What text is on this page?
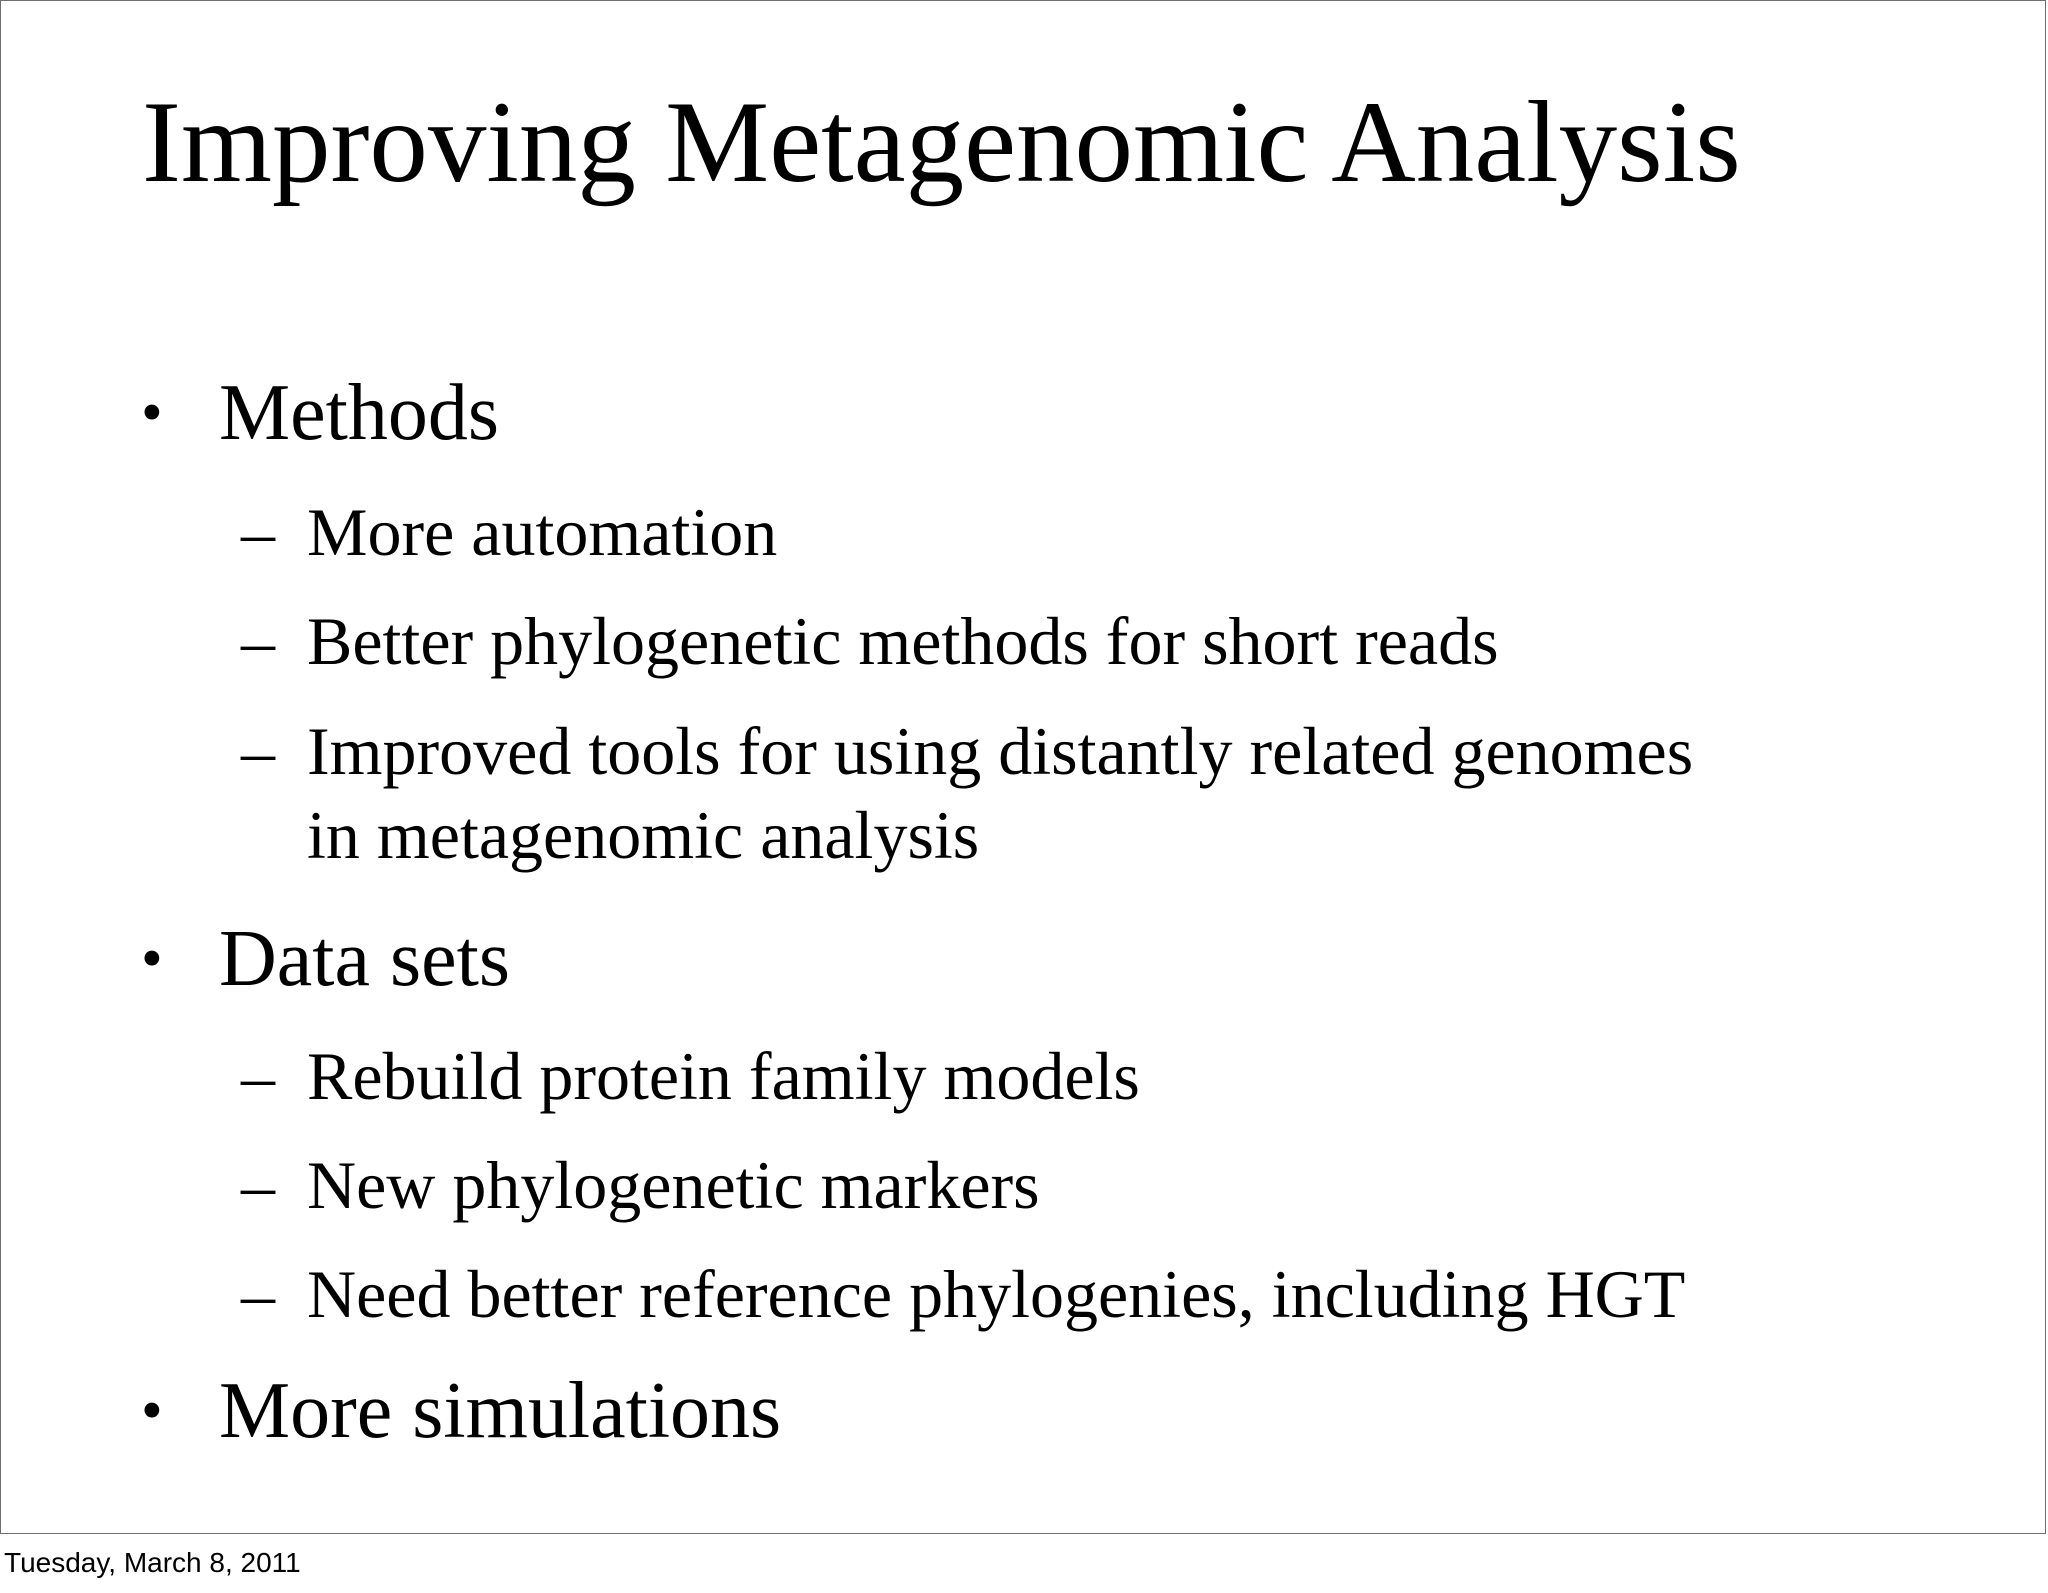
Improving Metagenomic Analysis
• Methods
– More automation
– Better phylogenetic methods for short reads
– Improved tools for using distantly related genomes
in metagenomic analysis
• Data sets
– Rebuild protein family models
– New phylogenetic markers
– Need better reference phylogenies, including HGT
• More simulations
Tuesday, March 8, 2011
